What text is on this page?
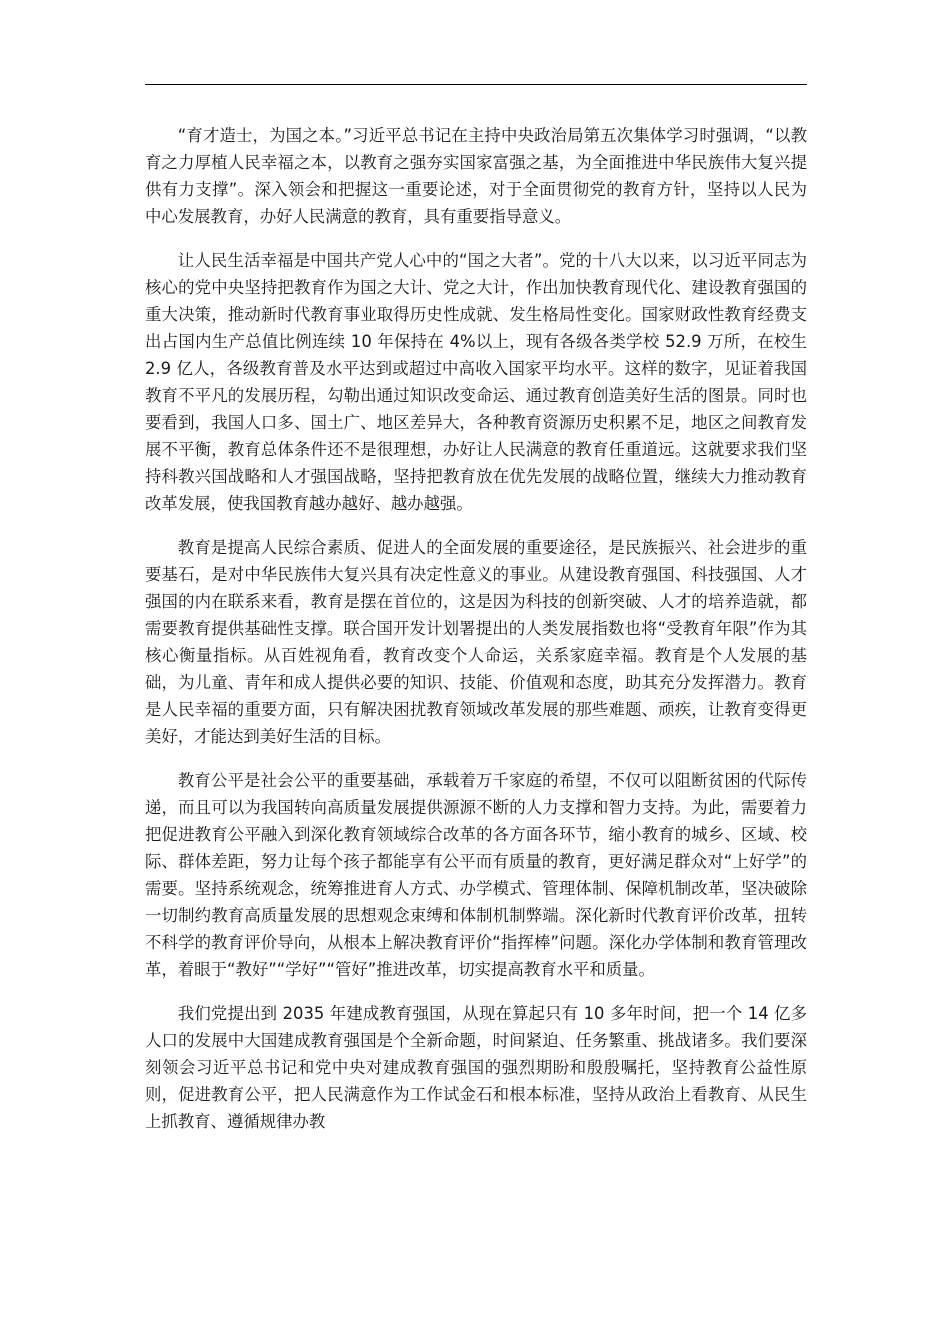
“育才造士，为国之本。”习近平总书记在主持中央政治局第五次集体学习时强调，“以教育之力厚植人民幸福之本，以教育之强夯实国家富强之基，为全面推进中华民族伟大复兴提供有力支撑”。深入领会和把握这一重要论述，对于全面贯彻党的教育方针，坚持以人民为中心发展教育，办好人民满意的教育，具有重要指导意义。

让人民生活幸福是中国共产党人心中的“国之大者”。党的十八大以来，以习近平同志为核心的党中央坚持把教育作为国之大计、党之大计，作出加快教育现代化、建设教育强国的重大决策，推动新时代教育事业取得历史性成就、发生格局性变化。国家财政性教育经费支出占国内生产总值比例连续 10 年保持在 4%以上，现有各级各类学校 52.9 万所，在校生 2.9 亿人，各级教育普及水平达到或超过中高收入国家平均水平。这样的数字，见证着我国教育不平凡的发展历程，勾勒出通过知识改变命运、通过教育创造美好生活的图景。同时也要看到，我国人口多、国土广、地区差异大，各种教育资源历史积累不足，地区之间教育发展不平衡，教育总体条件还不是很理想，办好让人民满意的教育任重道远。这就要求我们坚持科教兴国战略和人才强国战略，坚持把教育放在优先发展的战略位置，继续大力推动教育改革发展，使我国教育越办越好、越办越强。

教育是提高人民综合素质、促进人的全面发展的重要途径，是民族振兴、社会进步的重要基石，是对中华民族伟大复兴具有决定性意义的事业。从建设教育强国、科技强国、人才强国的内在联系来看，教育是摆在首位的，这是因为科技的创新突破、人才的培养造就，都需要教育提供基础性支撑。联合国开发计划署提出的人类发展指数也将“受教育年限”作为其核心衡量指标。从百姓视角看，教育改变个人命运，关系家庭幸福。教育是个人发展的基础，为儿童、青年和成人提供必要的知识、技能、价值观和态度，助其充分发挥潜力。教育是人民幸福的重要方面，只有解决困扰教育领域改革发展的那些难题、顽疾，让教育变得更美好，才能达到美好生活的目标。

教育公平是社会公平的重要基础，承载着万千家庭的希望，不仅可以阻断贫困的代际传递，而且可以为我国转向高质量发展提供源源不断的人力支撑和智力支持。为此，需要着力把促进教育公平融入到深化教育领域综合改革的各方面各环节，缩小教育的城乡、区域、校际、群体差距，努力让每个孩子都能享有公平而有质量的教育，更好满足群众对“上好学”的需要。坚持系统观念，统筹推进育人方式、办学模式、管理体制、保障机制改革，坚决破除一切制约教育高质量发展的思想观念束缚和体制机制弊端。深化新时代教育评价改革，扭转不科学的教育评价导向，从根本上解决教育评价“指挥棒”问题。深化办学体制和教育管理改革，着眼于“教好”“学好”“管好”推进改革，切实提高教育水平和质量。

我们党提出到 2035 年建成教育强国，从现在算起只有 10 多年时间，把一个 14 亿多人口的发展中大国建成教育强国是个全新命题，时间紧迫、任务繁重、挑战诸多。我们要深刻领会习近平总书记和党中央对建成教育强国的强烈期盼和殷殷嘱托，坚持教育公益性原则，促进教育公平，把人民满意作为工作试金石和根本标准，坚持从政治上看教育、从民生上抓教育、遵循规律办教
